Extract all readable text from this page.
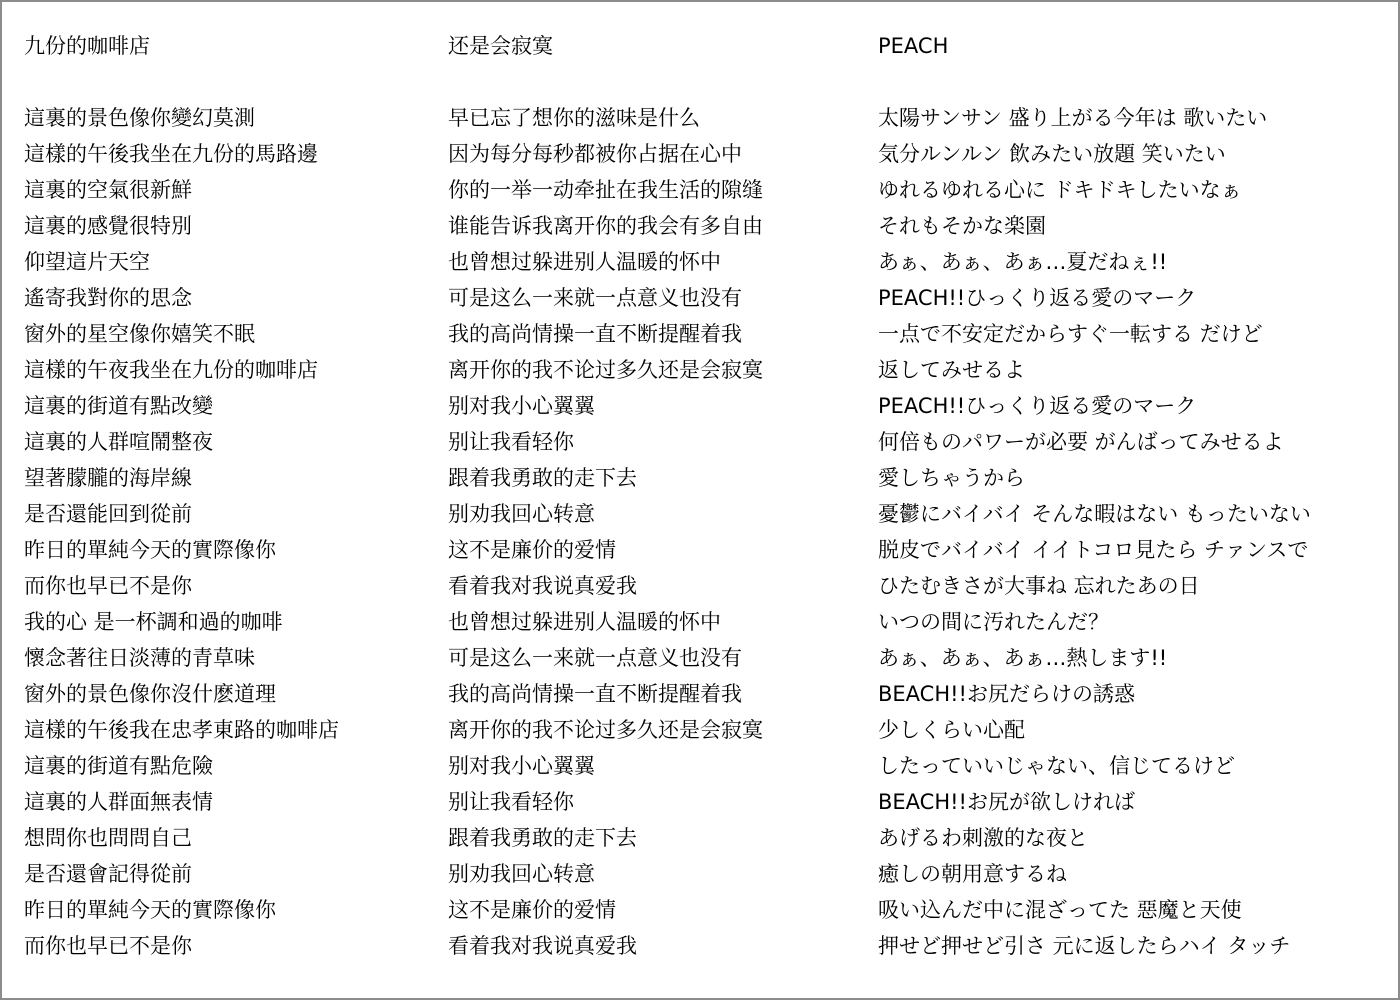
九份的咖啡店
這裏的景色像你變幻莫測
這樣的午後我坐在九份的馬路邊
這裏的空氣很新鮮
這裏的感覺很特別
仰望這片天空
遙寄我對你的思念
窗外的星空像你嬉笑不眠
這樣的午夜我坐在九份的咖啡店
這裏的街道有點改變
這裏的人群喧鬧整夜
望著朦朧的海岸線
是否還能回到從前
昨日的單純今天的實際像你
而你也早已不是你
我的心 是一杯調和過的咖啡
懷念著往日淡薄的青草味
窗外的景色像你沒什麽道理
這樣的午後我在忠孝東路的咖啡店
這裏的街道有點危險
這裏的人群面無表情
想問你也問問自己
是否還會記得從前
昨日的單純今天的實際像你
而你也早已不是你
还是会寂寞
早已忘了想你的滋味是什么
因为每分每秒都被你占据在心中
你的一举一动牵扯在我生活的隙缝
谁能告诉我离开你的我会有多自由
也曾想过躲进别人温暖的怀中
可是这么一来就一点意义也没有
我的高尚情操一直不断提醒着我
离开你的我不论过多久还是会寂寞
别对我小心翼翼
别让我看轻你
跟着我勇敢的走下去
别劝我回心转意
这不是廉价的爱情
看着我对我说真爱我
也曾想过躲进别人温暖的怀中
可是这么一来就一点意义也没有
我的高尚情操一直不断提醒着我
离开你的我不论过多久还是会寂寞
别对我小心翼翼
别让我看轻你
跟着我勇敢的走下去
别劝我回心转意
这不是廉价的爱情
看着我对我说真爱我
PEACH
太陽サンサン 盛り上がる今年は 歌いたい
気分ルンルン 飲みたい放題 笑いたい
ゆれるゆれる心に ドキドキしたいなぁ
それもそかな楽園
あぁ、あぁ、あぁ…夏だねぇ!!
PEACH!!ひっくり返る愛のマーク
一点で不安定だからすぐ一転する だけど
返してみせるよ
PEACH!!ひっくり返る愛のマーク
何倍ものパワーが必要 がんばってみせるよ
愛しちゃうから
憂鬱にバイバイ そんな暇はない もったいない
脱皮でバイバイ イイトコロ見たら チァンスで
ひたむきさが大事ね 忘れたあの日
いつの間に汚れたんだ？
あぁ、あぁ、あぁ…熱します!!
BEACH!!お尻だらけの誘惑
少しくらい心配
したっていいじゃない、信じてるけど
BEACH!!お尻が欲しければ
あげるわ刺激的な夜と
癒しの朝用意するね
吸い込んだ中に混ざってた 惡魔と天使
押せど押せど引さ 元に返したらハイ タッチ
